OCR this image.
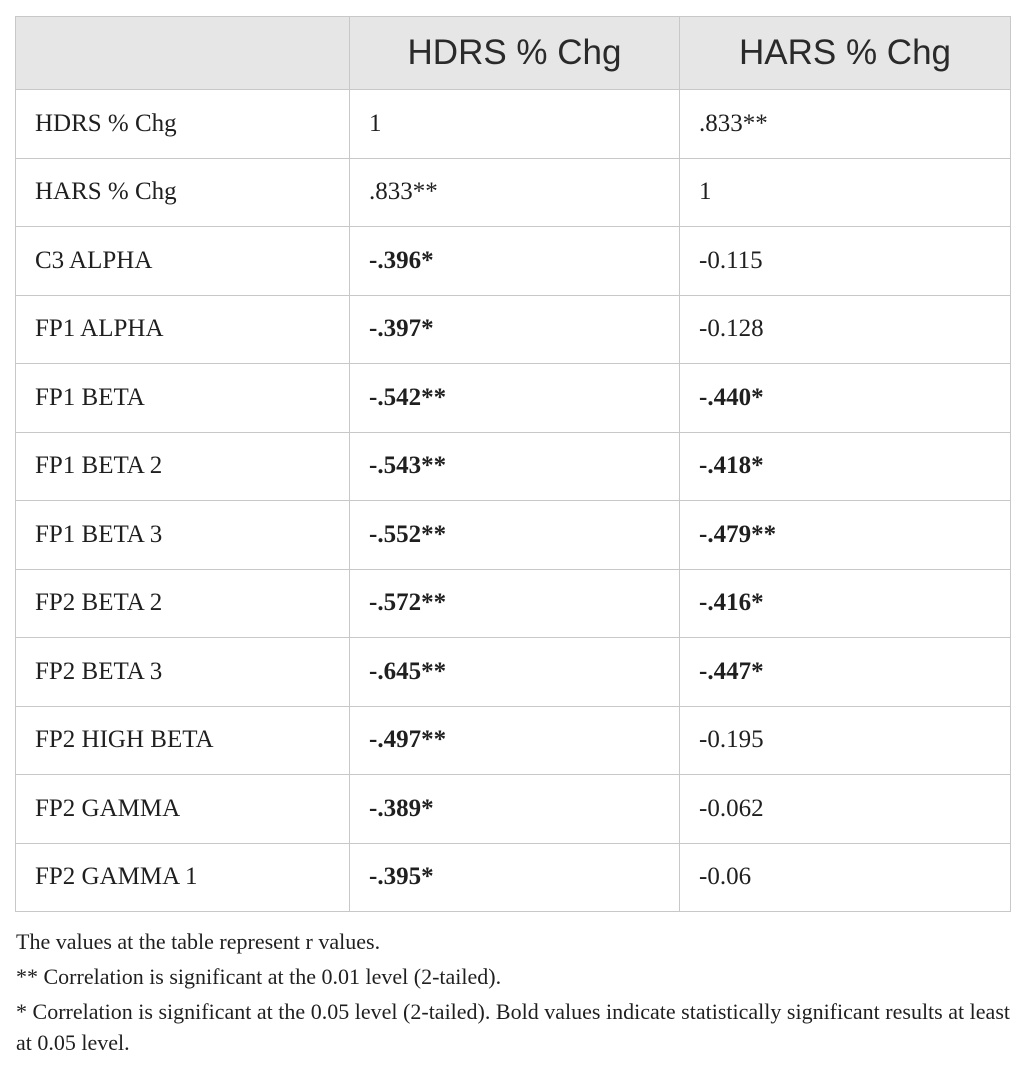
	HDRS % Chg	HARS % Chg
HDRS % Chg	1	.833**
HARS % Chg	.833**	1
C3 ALPHA	-.396*	-0.115
FP1 ALPHA	-.397*	-0.128
FP1 BETA	-.542**	-.440*
FP1 BETA 2	-.543**	-.418*
FP1 BETA 3	-.552**	-.479**
FP2 BETA 2	-.572**	-.416*
FP2 BETA 3	-.645**	-.447*
FP2 HIGH BETA	-.497**	-0.195
FP2 GAMMA	-.389*	-0.062
FP2 GAMMA 1	-.395*	-0.06

The values at the table represent r values.

** Correlation is significant at the 0.01 level (2-tailed).

* Correlation is significant at the 0.05 level (2-tailed). Bold values indicate statistically significant results at least at 0.05 level.
